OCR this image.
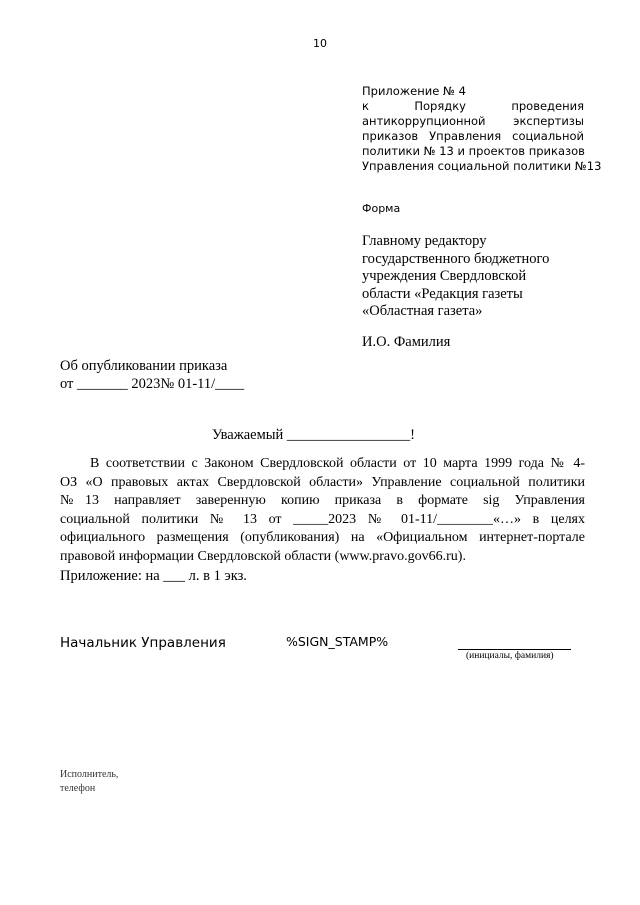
10
Приложение № 4
к Порядку проведения
антикоррупционной экспертизы
приказов Управления социальной
политики № 13 и проектов приказов
Управления социальной политики №13
Форма
Главному редактору
государственного бюджетного
учреждения Свердловской
области «Редакция газеты
«Областная газета»
И.О. Фамилия
Об опубликовании приказа
от _______ 2023№ 01-11/____
Уважаемый _________________!
В соответствии с Законом Свердловской области от 10 марта 1999 года № 4-
ОЗ «О правовых актах Свердловской области» Управление социальной политики
№13 направляет заверенную копию приказа в формате sig Управления
социальной политики № 13 от _____2023 № 01-11/________«…» в целях
официального размещения (опубликования) на «Официальном интернет-портале
правовой информации Свердловской области (www.pravo.gov66.ru).
Приложение: на ___ л. в 1 экз.
Начальник Управления	%SIGN_STAMP%
(инициалы, фамилия)
Исполнитель,
телефон
